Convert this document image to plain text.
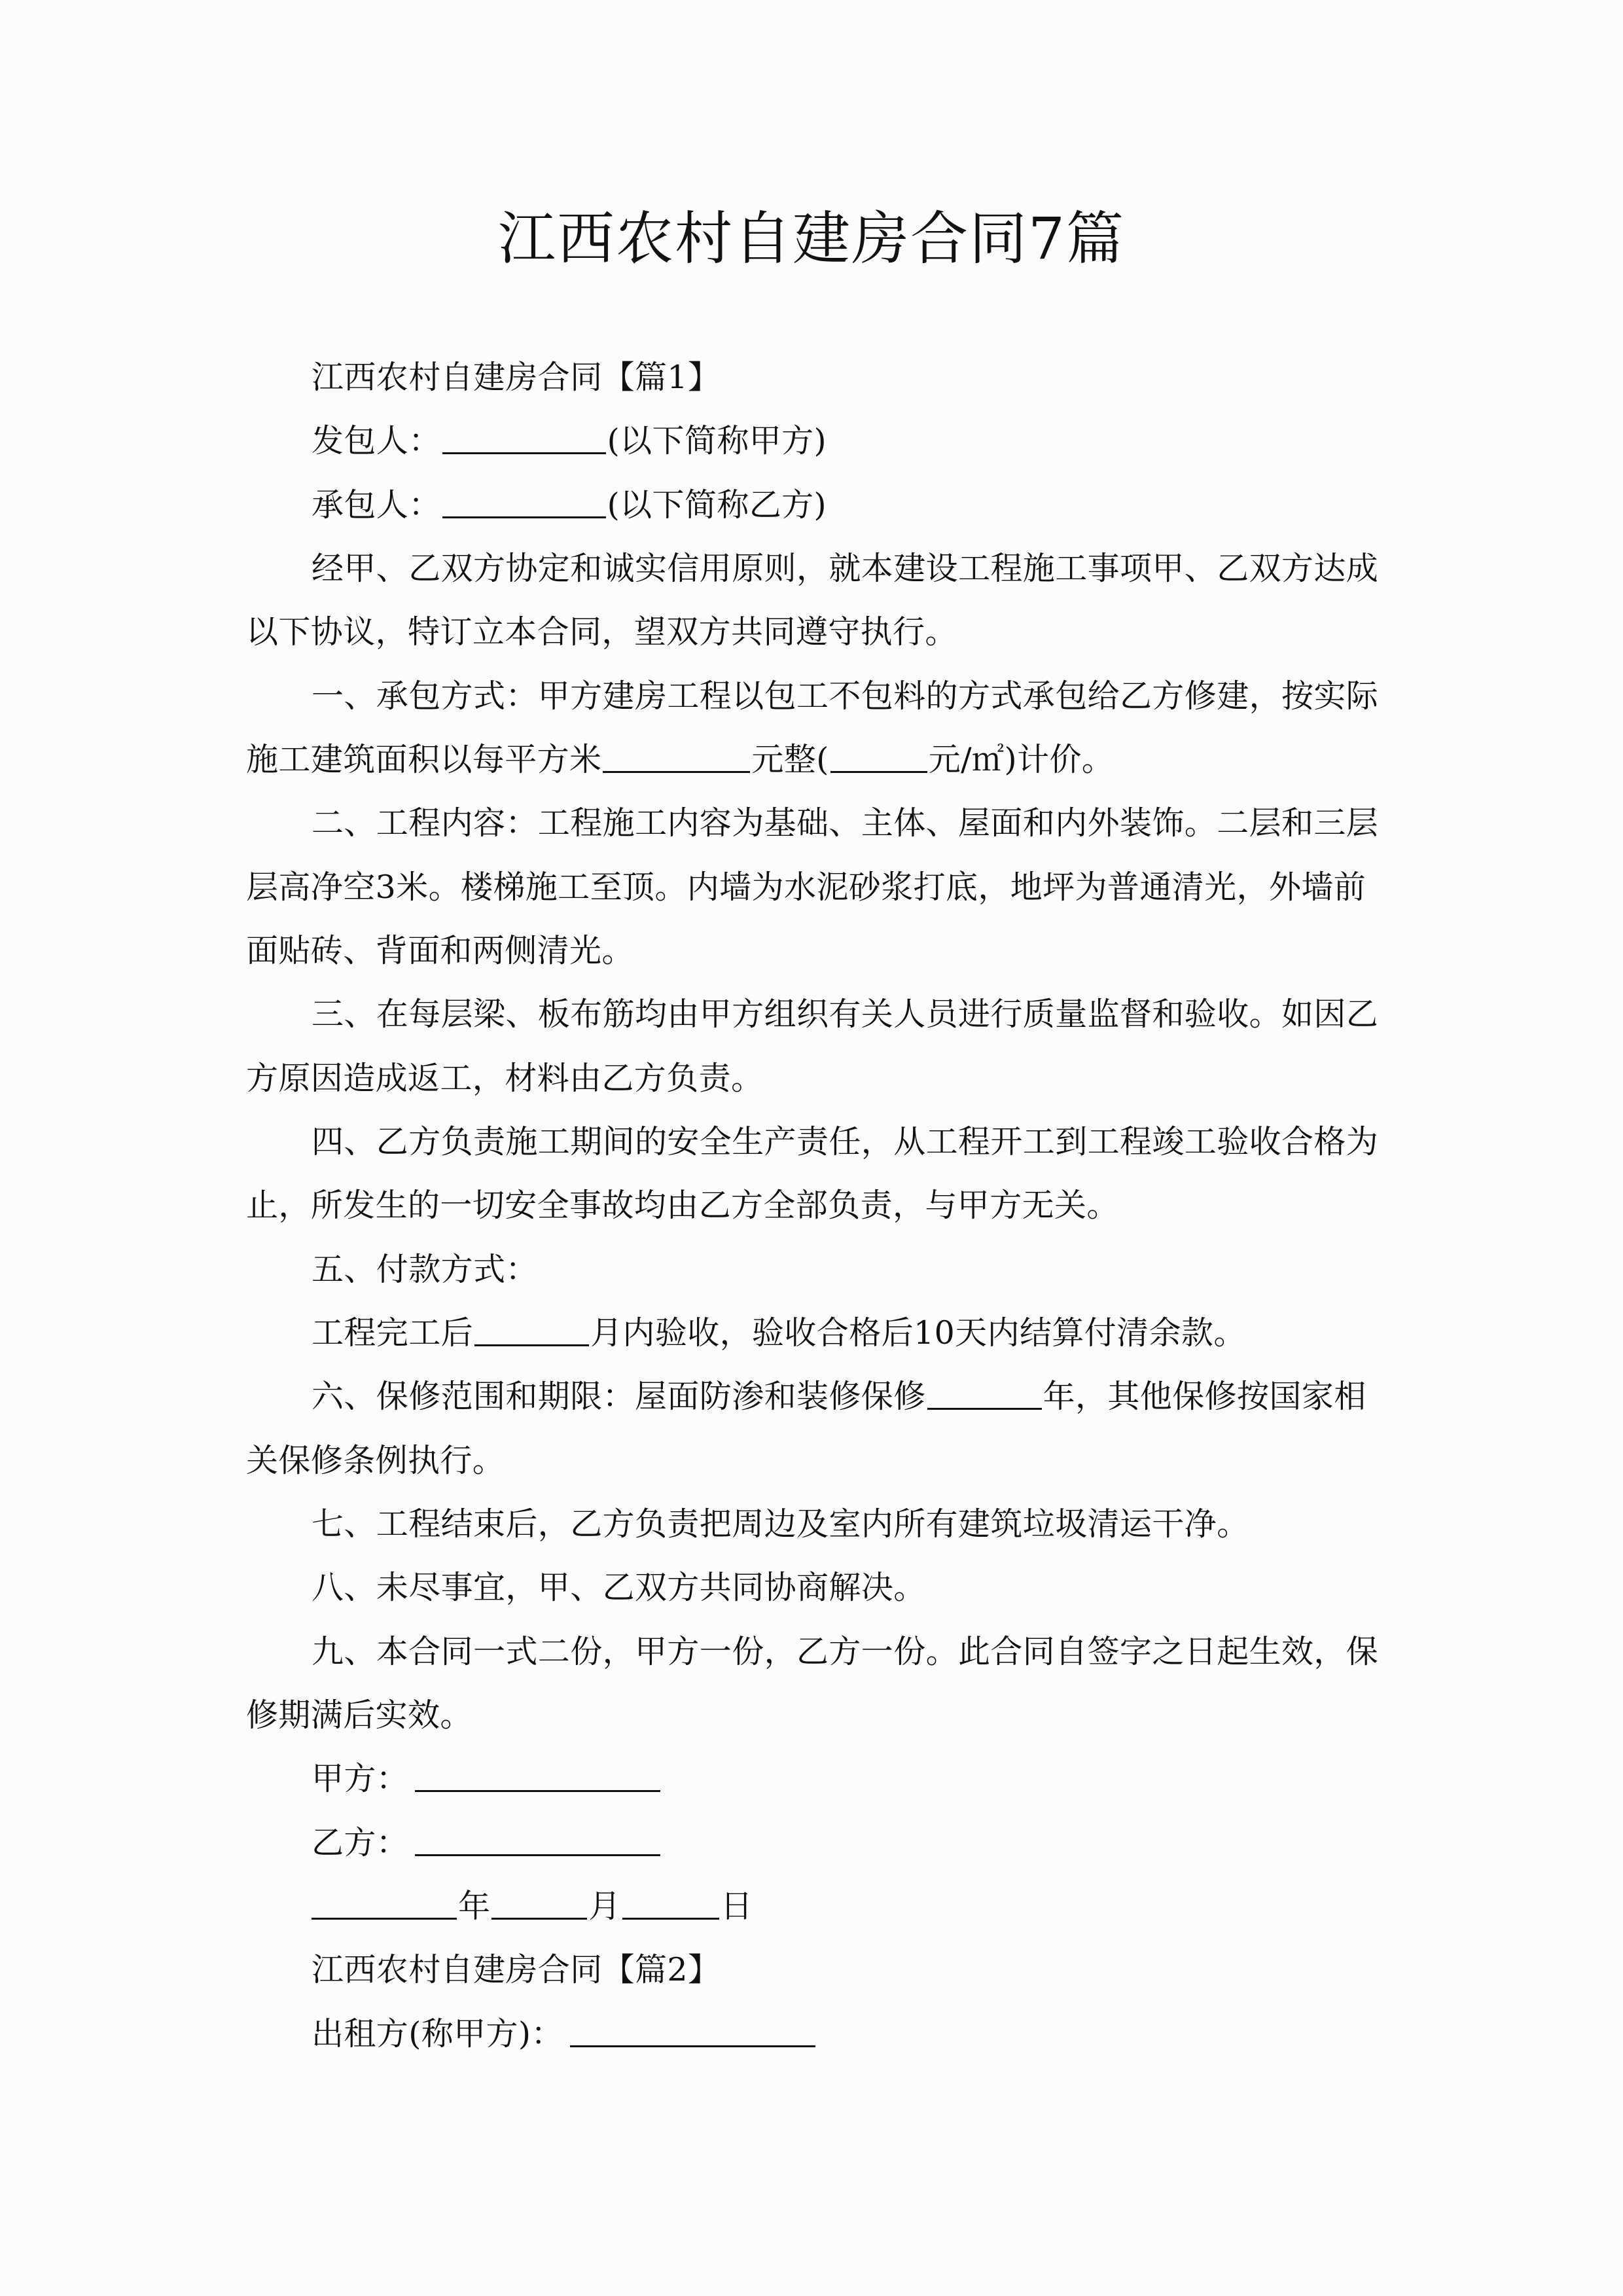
江西农村自建房合同7篇
江西农村自建房合同【篇1】
发包人：	(以下简称甲方)
承包人：	(以下简称乙方)
经甲、乙双方协定和诚实信用原则，就本建设工程施工事项甲、乙双方达成
以下协议，特订立本合同，望双方共同遵守执行。
一、承包方式：甲方建房工程以包工不包料的方式承包给乙方修建，按实际
施工建筑面积以每平方米	元整(	元/㎡)计价。
二、工程内容：工程施工内容为基础、主体、屋面和内外装饰。二层和三层
层高净空3米。楼梯施工至顶。内墙为水泥砂浆打底，地坪为普通清光，外墙前
面贴砖、背面和两侧清光。
三、在每层梁、板布筋均由甲方组织有关人员进行质量监督和验收。如因乙
方原因造成返工，材料由乙方负责。
四、乙方负责施工期间的安全生产责任，从工程开工到工程竣工验收合格为
止，所发生的一切安全事故均由乙方全部负责，与甲方无关。
五、付款方式：
工程完工后	月内验收，验收合格后10天内结算付清余款。
六、保修范围和期限：屋面防渗和装修保修	年，其他保修按国家相
关保修条例执行。
七、工程结束后，乙方负责把周边及室内所有建筑垃圾清运干净。
八、未尽事宜，甲、乙双方共同协商解决。
九、本合同一式二份，甲方一份，乙方一份。此合同自签字之日起生效，保
修期满后实效。
甲方：
乙方：
年	月	日
江西农村自建房合同【篇2】
出租方(称甲方)：
